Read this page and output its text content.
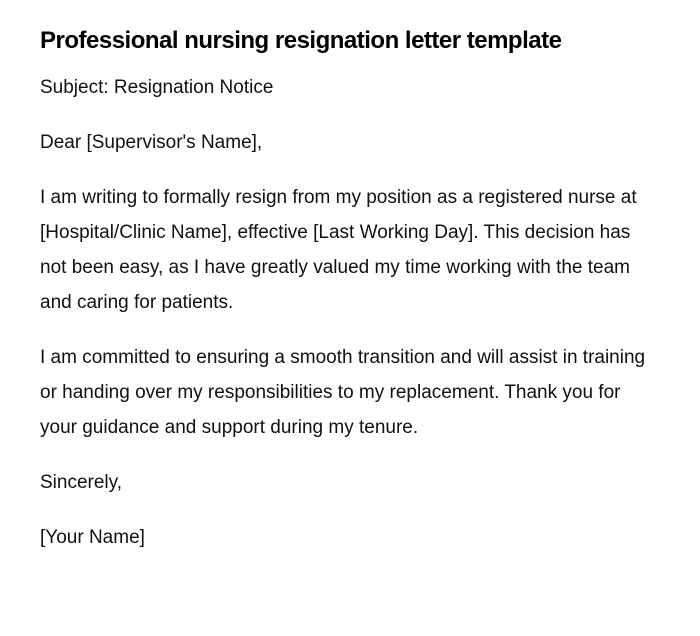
Professional nursing resignation letter template

Subject: Resignation Notice

Dear [Supervisor's Name],

I am writing to formally resign from my position as a registered nurse at [Hospital/Clinic Name], effective [Last Working Day]. This decision has not been easy, as I have greatly valued my time working with the team and caring for patients.

I am committed to ensuring a smooth transition and will assist in training or handing over my responsibilities to my replacement. Thank you for your guidance and support during my tenure.

Sincerely,

[Your Name]
